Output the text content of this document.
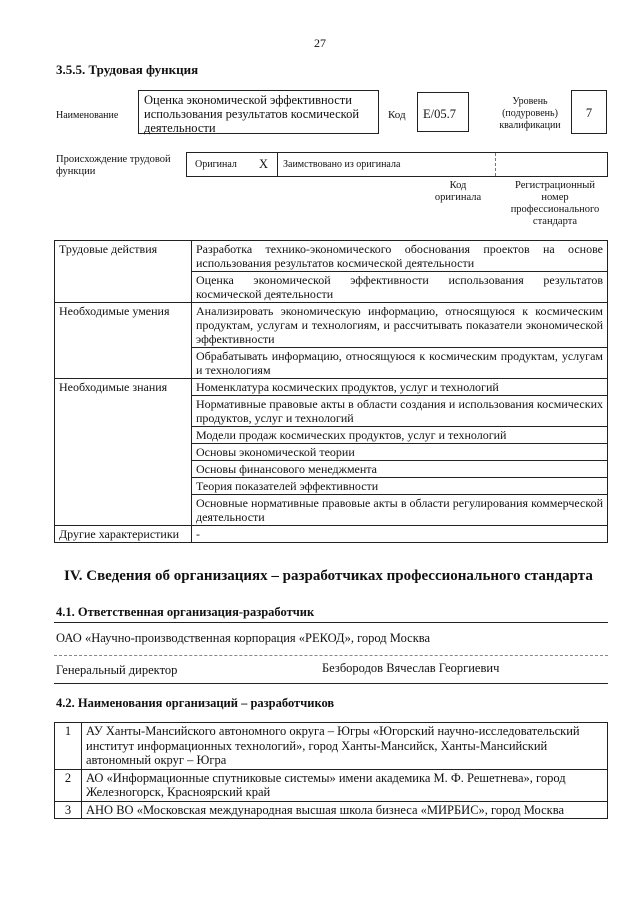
27
3.5.5. Трудовая функция
Наименование
Оценка экономической эффективности использования результатов космической деятельности
Код	E/05.7
Уровень (подуровень) квалификации
7
Происхождение трудовой функции
Оригинал X Заимствовано из оригинала
Код оригинала
Регистрационный номер профессионального стандарта
Трудовые действия	Разработка технико-экономического обоснования проектов на основе использования результатов космической деятельности
	Оценка экономической эффективности использования результатов космической деятельности
Необходимые умения	Анализировать экономическую информацию, относящуюся к космическим продуктам, услугам и технологиям, и рассчитывать показатели экономической эффективности
	Обрабатывать информацию, относящуюся к космическим продуктам, услугам и технологиям
Необходимые знания	Номенклатура космических продуктов, услуг и технологий
	Нормативные правовые акты в области создания и использования космических продуктов, услуг и технологий
	Модели продаж космических продуктов, услуг и технологий
	Основы экономической теории
	Основы финансового менеджмента
	Теория показателей эффективности
	Основные нормативные правовые акты в области регулирования коммерческой деятельности
Другие характеристики	-
IV. Сведения об организациях – разработчиках профессионального стандарта
4.1. Ответственная организация-разработчик
ОАО «Научно-производственная корпорация «РЕКОД», город Москва
Генеральный директор	Безбородов Вячеслав Георгиевич
4.2. Наименования организаций – разработчиков
1	АУ Ханты-Мансийского автономного округа – Югры «Югорский научно-исследовательский институт информационных технологий», город Ханты-Мансийск, Ханты-Мансийский автономный округ – Югра
2	АО «Информационные спутниковые системы» имени академика М. Ф. Решетнева», город Железногорск, Красноярский край
3	АНО ВО «Московская международная высшая школа бизнеса «МИРБИС», город Москва
